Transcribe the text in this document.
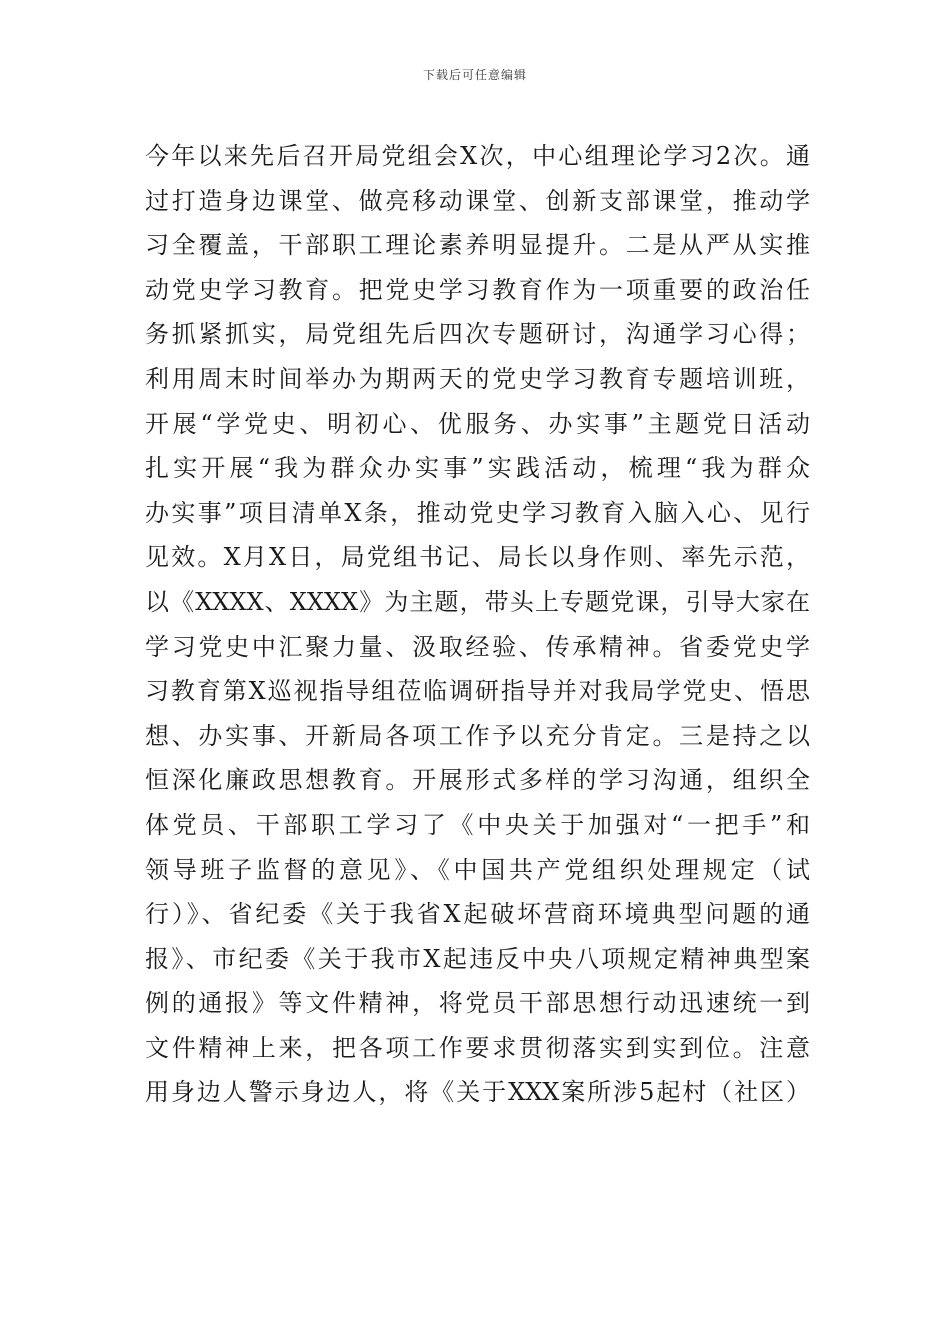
下载后可任意编辑
今年以来先后召开局党组会X次，中心组理论学习2次。通
过打造身边课堂、做亮移动课堂、创新支部课堂，推动学
习全覆盖，干部职工理论素养明显提升。二是从严从实推
动党史学习教育。把党史学习教育作为一项重要的政治任
务抓紧抓实，局党组先后四次专题研讨，沟通学习心得；
利用周末时间举办为期两天的党史学习教育专题培训班，
开展“学党史、明初心、优服务、办实事”主题党日活动
扎实开展“我为群众办实事”实践活动，梳理“我为群众
办实事”项目清单X条，推动党史学习教育入脑入心、见行
见效。X月X日，局党组书记、局长以身作则、率先示范，
以《XXXX、XXXX》为主题，带头上专题党课，引导大家在
学习党史中汇聚力量、汲取经验、传承精神。省委党史学
习教育第X巡视指导组莅临调研指导并对我局学党史、悟思
想、办实事、开新局各项工作予以充分肯定。三是持之以
恒深化廉政思想教育。开展形式多样的学习沟通，组织全
体党员、干部职工学习了《中央关于加强对“一把手”和
领导班子监督的意见》、《中国共产党组织处理规定（试
行）》、省纪委《关于我省X起破坏营商环境典型问题的通
报》、市纪委《关于我市X起违反中央八项规定精神典型案
例的通报》等文件精神，将党员干部思想行动迅速统一到
文件精神上来，把各项工作要求贯彻落实到实到位。注意
用身边人警示身边人，将《关于XXX案所涉5起村（社区）
